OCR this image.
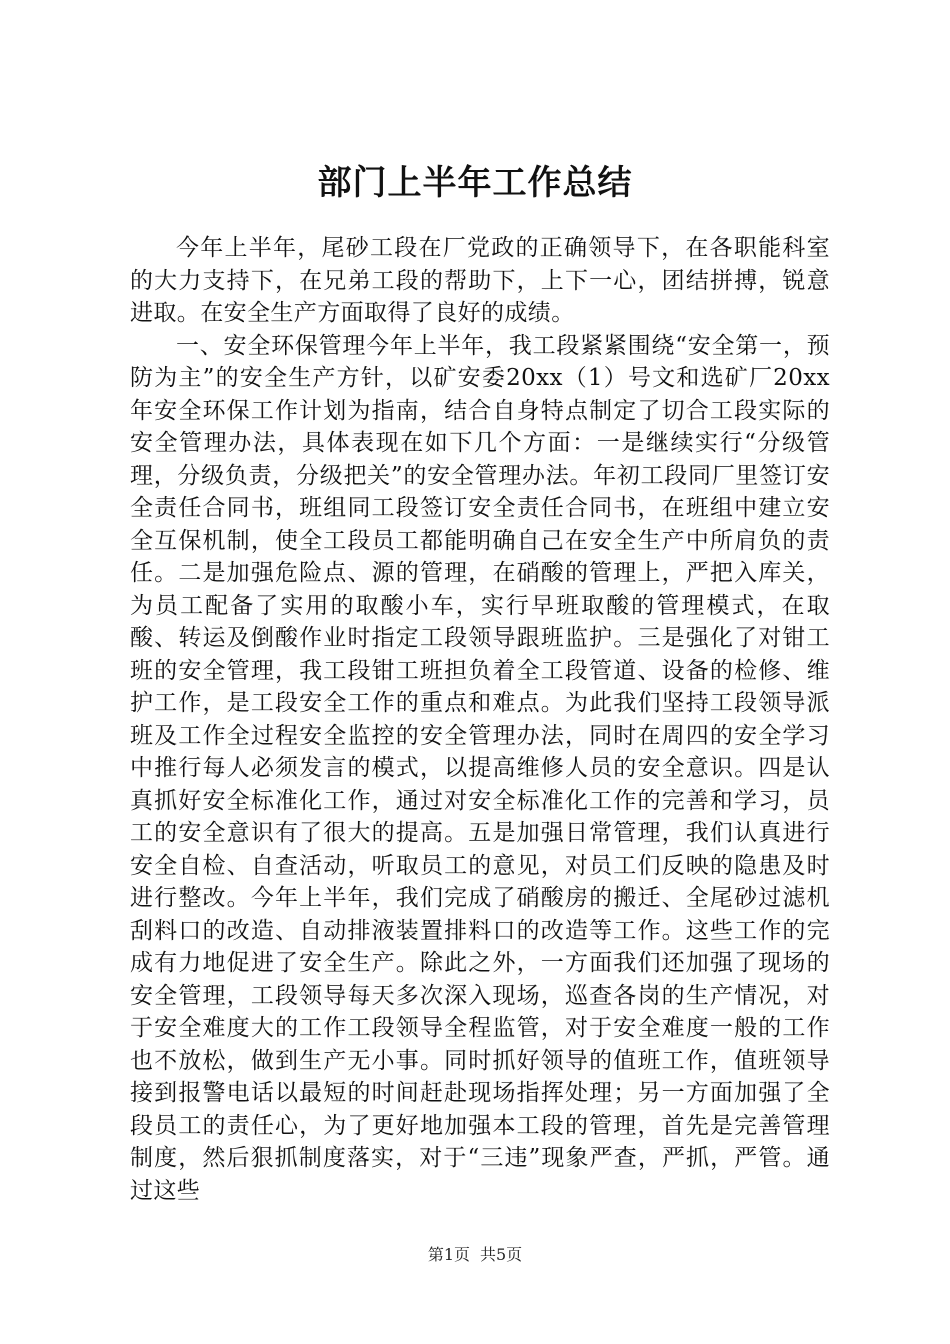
部门上半年工作总结

今年上半年，尾砂工段在厂党政的正确领导下，在各职能科室的大力支持下，在兄弟工段的帮助下，上下一心，团结拼搏，锐意进取。在安全生产方面取得了良好的成绩。

一、安全环保管理今年上半年，我工段紧紧围绕“安全第一，预防为主”的安全生产方针，以矿安委20xx（1）号文和选矿厂20xx年安全环保工作计划为指南，结合自身特点制定了切合工段实际的安全管理办法，具体表现在如下几个方面：一是继续实行“分级管理，分级负责，分级把关”的安全管理办法。年初工段同厂里签订安全责任合同书，班组同工段签订安全责任合同书，在班组中建立安全互保机制，使全工段员工都能明确自己在安全生产中所肩负的责任。二是加强危险点、源的管理，在硝酸的管理上，严把入库关，为员工配备了实用的取酸小车，实行早班取酸的管理模式，在取酸、转运及倒酸作业时指定工段领导跟班监护。三是强化了对钳工班的安全管理，我工段钳工班担负着全工段管道、设备的检修、维护工作，是工段安全工作的重点和难点。为此我们坚持工段领导派班及工作全过程安全监控的安全管理办法，同时在周四的安全学习中推行每人必须发言的模式，以提高维修人员的安全意识。四是认真抓好安全标准化工作，通过对安全标准化工作的完善和学习，员工的安全意识有了很大的提高。五是加强日常管理，我们认真进行安全自检、自查活动，听取员工的意见，对员工们反映的隐患及时进行整改。今年上半年，我们完成了硝酸房的搬迁、全尾砂过滤机刮料口的改造、自动排液装置排料口的改造等工作。这些工作的完成有力地促进了安全生产。除此之外，一方面我们还加强了现场的安全管理，工段领导每天多次深入现场，巡查各岗的生产情况，对于安全难度大的工作工段领导全程监管，对于安全难度一般的工作也不放松，做到生产无小事。同时抓好领导的值班工作，值班领导接到报警电话以最短的时间赶赴现场指挥处理；另一方面加强了全段员工的责任心，为了更好地加强本工段的管理，首先是完善管理制度，然后狠抓制度落实，对于“三违”现象严查，严抓，严管。通过这些

第1页 共5页
